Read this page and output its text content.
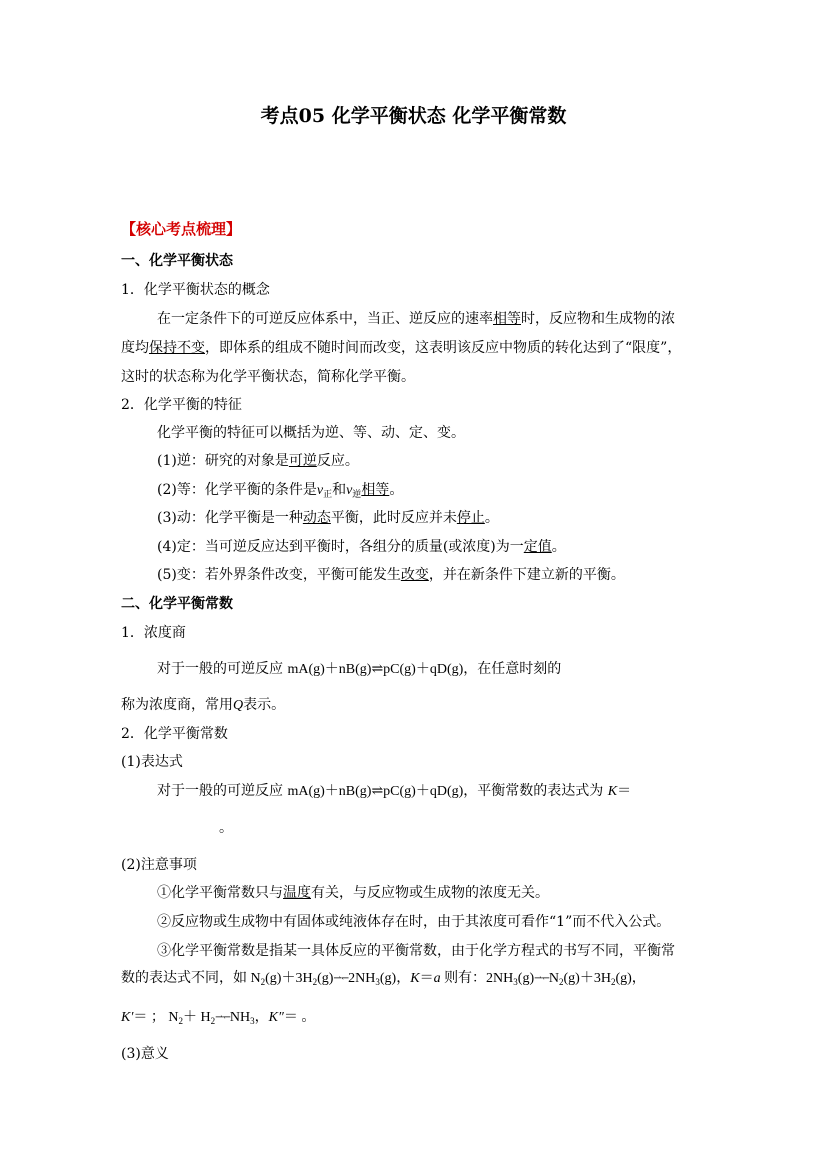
考点05 化学平衡状态 化学平衡常数
【核心考点梳理】
一、化学平衡状态
1．化学平衡状态的概念
在一定条件下的可逆反应体系中，当正、逆反应的速率相等时，反应物和生成物的浓
度均保持不变，即体系的组成不随时间而改变，这表明该反应中物质的转化达到了“限度”，
这时的状态称为化学平衡状态，简称化学平衡。
2．化学平衡的特征
化学平衡的特征可以概括为逆、等、动、定、变。
(1)逆：研究的对象是可逆反应。
(2)等：化学平衡的条件是$v_正$和$v_逆$相等。
(3)动：化学平衡是一种动态平衡，此时反应并未停止。
(4)定：当可逆反应达到平衡时，各组分的质量(或浓度)为一定值。
(5)变：若外界条件改变，平衡可能发生改变，并在新条件下建立新的平衡。
二、化学平衡常数
1．浓度商
对于一般的可逆反应 mA(g)＋nB(g)⇌pC(g)＋qD(g)，在任意时刻的
称为浓度商，常用Q表示。
2．化学平衡常数
(1)表达式
对于一般的可逆反应 mA(g)＋nB(g)⇌pC(g)＋qD(g)，平衡常数的表达式为 K＝
。
(2)注意事项
①化学平衡常数只与温度有关，与反应物或生成物的浓度无关。
②反应物或生成物中有固体或纯液体存在时，由于其浓度可看作“1”而不代入公式。
③化学平衡常数是指某一具体反应的平衡常数，由于化学方程式的书写不同，平衡常
数的表达式不同，如 $N_2(g)+3H_2(g)⇀↽2NH_3(g)$，K＝a 则有：$2NH_3(g)⇀↽N_2(g)+3H_2(g)$，
K′＝ ； $N_2+$ $H_2⇀↽NH_3$，K″＝ 。
(3)意义
